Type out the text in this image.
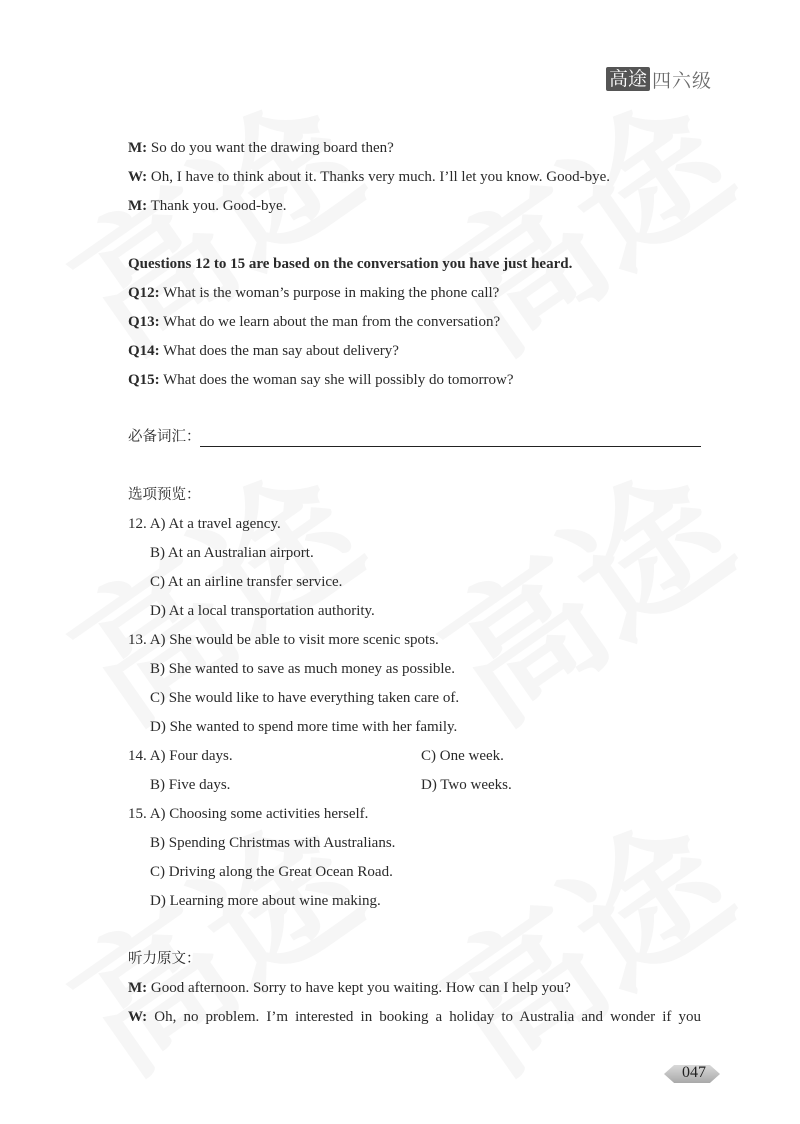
高途 四六级
M: So do you want the drawing board then?
W: Oh, I have to think about it. Thanks very much. I’ll let you know. Good-bye.
M: Thank you. Good-bye.
Questions 12 to 15 are based on the conversation you have just heard.
Q12: What is the woman’s purpose in making the phone call?
Q13: What do we learn about the man from the conversation?
Q14: What does the man say about delivery?
Q15: What does the woman say she will possibly do tomorrow?
必备词汇：
选项预览：
12. A) At a travel agency.
B) At an Australian airport.
C) At an airline transfer service.
D) At a local transportation authority.
13. A) She would be able to visit more scenic spots.
B) She wanted to save as much money as possible.
C) She would like to have everything taken care of.
D) She wanted to spend more time with her family.
14. A) Four days.	C) One week.
B) Five days.	D) Two weeks.
15. A) Choosing some activities herself.
B) Spending Christmas with Australians.
C) Driving along the Great Ocean Road.
D) Learning more about wine making.
听力原文：
M: Good afternoon. Sorry to have kept you waiting. How can I help you?
W: Oh, no problem. I’m interested in booking a holiday to Australia and wonder if you
047
